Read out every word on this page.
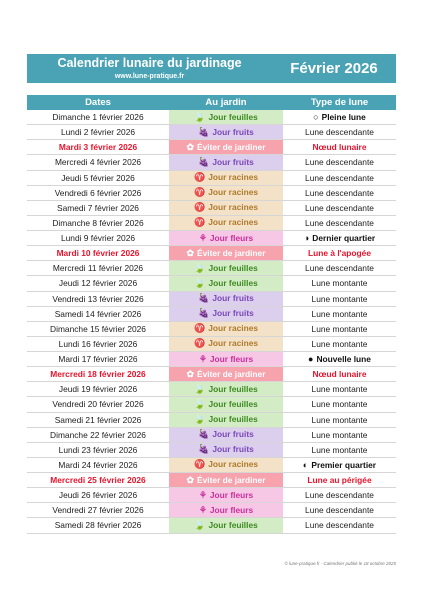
Calendrier lunaire du jardinage
www.lune-pratique.fr	Février 2026
Dates	Au jardin	Type de lune
Dimanche 1 février 2026	🍃 Jour feuilles	○ Pleine lune
Lundi 2 février 2026	🍇 Jour fruits	Lune descendante
Mardi 3 février 2026	✿ Éviter de jardiner	Nœud lunaire
Mercredi 4 février 2026	🍇 Jour fruits	Lune descendante
Jeudi 5 février 2026	♈ Jour racines	Lune descendante
Vendredi 6 février 2026	♈ Jour racines	Lune descendante
Samedi 7 février 2026	♈ Jour racines	Lune descendante
Dimanche 8 février 2026	♈ Jour racines	Lune descendante
Lundi 9 février 2026	⚘ Jour fleurs	◑ Dernier quartier
Mardi 10 février 2026	✿ Éviter de jardiner	Lune à l'apogée
Mercredi 11 février 2026	🍃 Jour feuilles	Lune descendante
Jeudi 12 février 2026	🍃 Jour feuilles	Lune montante
Vendredi 13 février 2026	🍇 Jour fruits	Lune montante
Samedi 14 février 2026	🍇 Jour fruits	Lune montante
Dimanche 15 février 2026	♈ Jour racines	Lune montante
Lundi 16 février 2026	♈ Jour racines	Lune montante
Mardi 17 février 2026	⚘ Jour fleurs	● Nouvelle lune
Mercredi 18 février 2026	✿ Éviter de jardiner	Nœud lunaire
Jeudi 19 février 2026	🍃 Jour feuilles	Lune montante
Vendredi 20 février 2026	🍃 Jour feuilles	Lune montante
Samedi 21 février 2026	🍃 Jour feuilles	Lune montante
Dimanche 22 février 2026	🍇 Jour fruits	Lune montante
Lundi 23 février 2026	🍇 Jour fruits	Lune montante
Mardi 24 février 2026	♈ Jour racines	◐ Premier quartier
Mercredi 25 février 2026	✿ Éviter de jardiner	Lune au périgée
Jeudi 26 février 2026	⚘ Jour fleurs	Lune descendante
Vendredi 27 février 2026	⚘ Jour fleurs	Lune descendante
Samedi 28 février 2026	🍃 Jour feuilles	Lune descendante
© lune-pratique.fr - Calendrier publié le 18 octobre 2025
